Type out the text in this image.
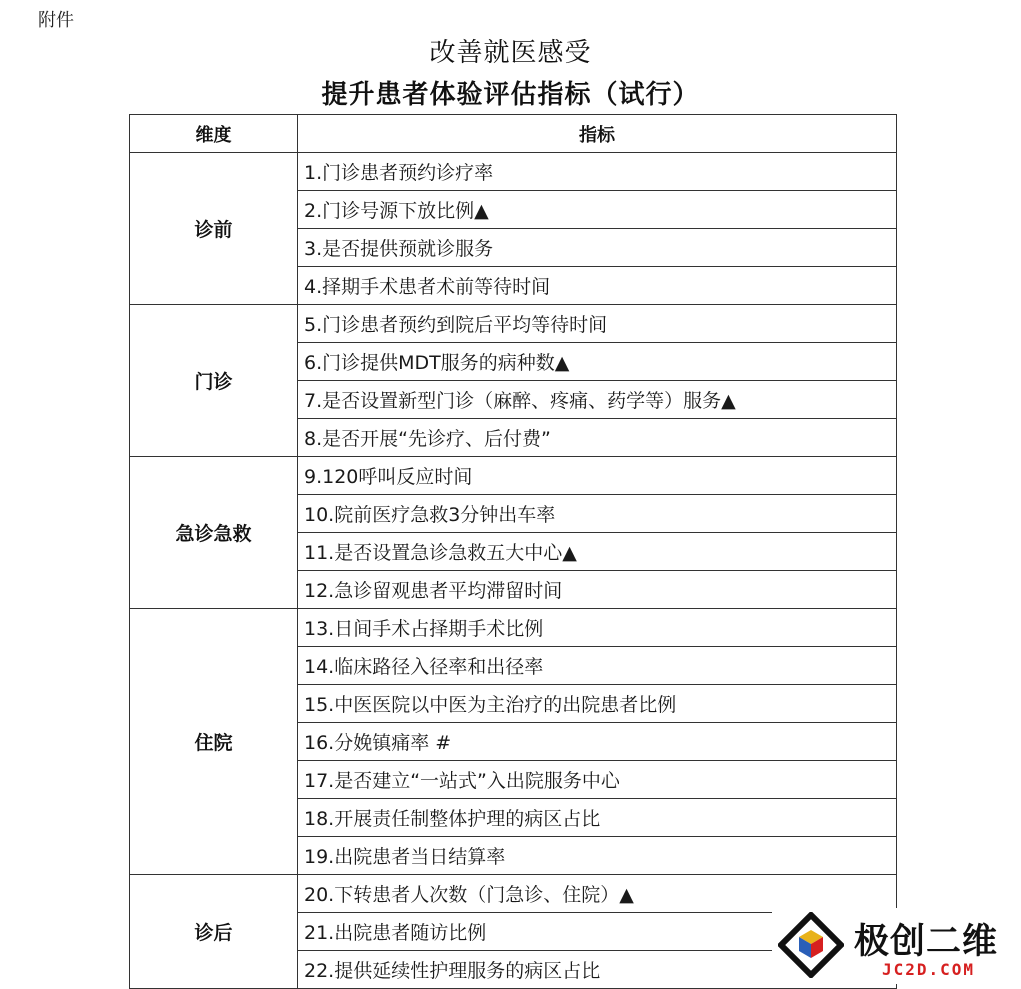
附件
改善就医感受
提升患者体验评估指标（试行）
维度	指标
诊前	1.门诊患者预约诊疗率
	2.门诊号源下放比例▲
	3.是否提供预就诊服务
	4.择期手术患者术前等待时间
门诊	5.门诊患者预约到院后平均等待时间
	6.门诊提供MDT服务的病种数▲
	7.是否设置新型门诊（麻醉、疼痛、药学等）服务▲
	8.是否开展“先诊疗、后付费”
急诊急救	9.120呼叫反应时间
	10.院前医疗急救3分钟出车率
	11.是否设置急诊急救五大中心▲
	12.急诊留观患者平均滞留时间
住院	13.日间手术占择期手术比例
	14.临床路径入径率和出径率
	15.中医医院以中医为主治疗的出院患者比例
	16.分娩镇痛率 #
	17.是否建立“一站式”入出院服务中心
	18.开展责任制整体护理的病区占比
	19.出院患者当日结算率
诊后	20.下转患者人次数（门急诊、住院）▲
	21.出院患者随访比例
	22.提供延续性护理服务的病区占比
极创二维
JC2D.COM
